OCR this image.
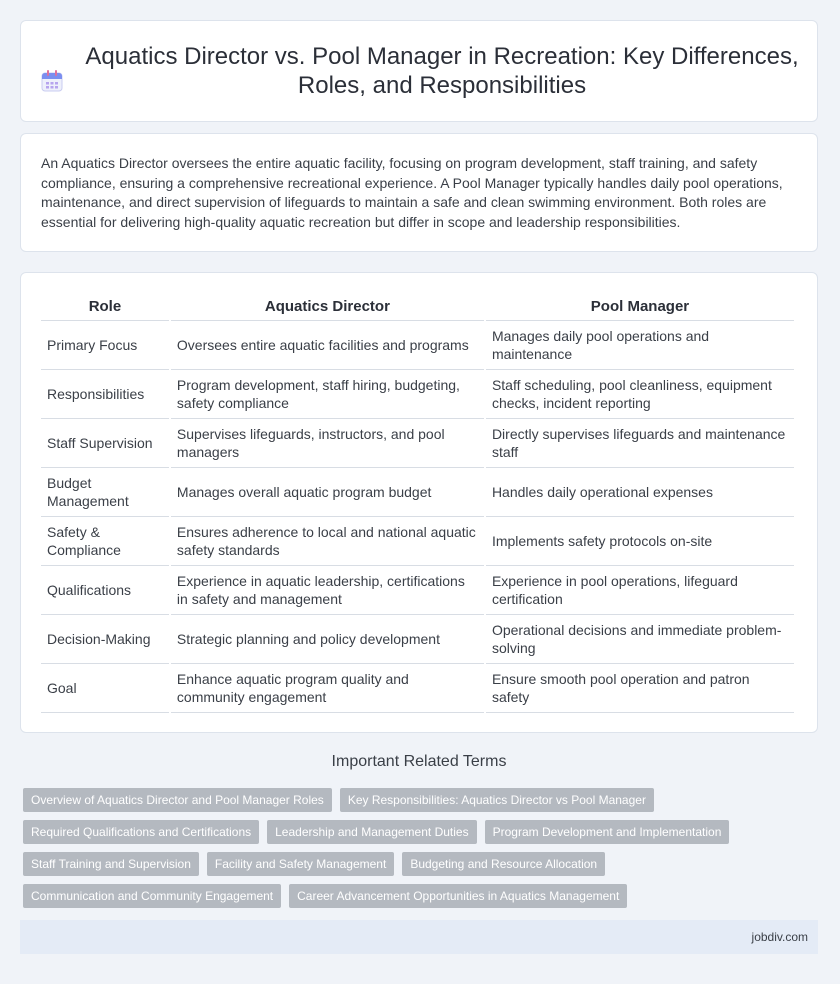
Aquatics Director vs. Pool Manager in Recreation: Key Differences, Roles, and Responsibilities

An Aquatics Director oversees the entire aquatic facility, focusing on program development, staff training, and safety compliance, ensuring a comprehensive recreational experience. A Pool Manager typically handles daily pool operations, maintenance, and direct supervision of lifeguards to maintain a safe and clean swimming environment. Both roles are essential for delivering high-quality aquatic recreation but differ in scope and leadership responsibilities.

Role	Aquatics Director	Pool Manager
Primary Focus	Oversees entire aquatic facilities and programs	Manages daily pool operations and maintenance
Responsibilities	Program development, staff hiring, budgeting, safety compliance	Staff scheduling, pool cleanliness, equipment checks, incident reporting
Staff Supervision	Supervises lifeguards, instructors, and pool managers	Directly supervises lifeguards and maintenance staff
Budget Management	Manages overall aquatic program budget	Handles daily operational expenses
Safety & Compliance	Ensures adherence to local and national aquatic safety standards	Implements safety protocols on-site
Qualifications	Experience in aquatic leadership, certifications in safety and management	Experience in pool operations, lifeguard certification
Decision-Making	Strategic planning and policy development	Operational decisions and immediate problem-solving
Goal	Enhance aquatic program quality and community engagement	Ensure smooth pool operation and patron safety
Important Related Terms
Overview of Aquatics Director and Pool Manager Roles	Key Responsibilities: Aquatics Director vs Pool Manager
Required Qualifications and Certifications	Leadership and Management Duties	Program Development and Implementation
Staff Training and Supervision	Facility and Safety Management	Budgeting and Resource Allocation
Communication and Community Engagement	Career Advancement Opportunities in Aquatics Management
jobdiv.com
